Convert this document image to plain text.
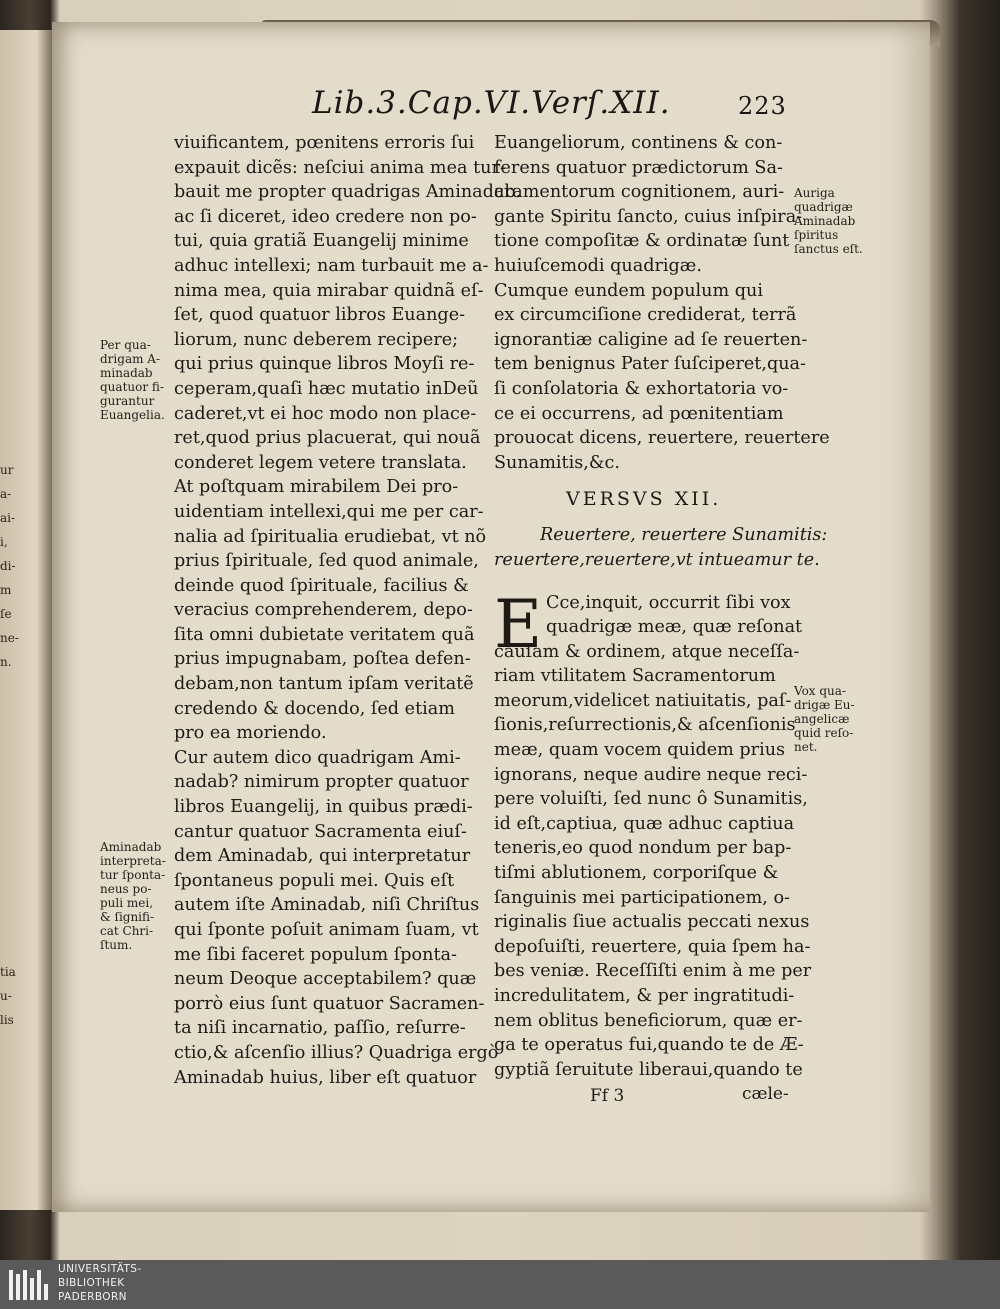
ur
a-
ai-
i,
di-
m
ſe
ne-
n.
tia
u-
lis
Lib.3.Cap.VI.Verſ.XII.	223
viuificantem, pœnitens erroris ſui
expauit dicẽs: neſciui anima mea tur-
bauit me propter quadrigas Aminadab.
ac ſi diceret, ideo credere non po-
tui, quia gratiã Euangelij minime
adhuc intellexi; nam turbauit me a-
nima mea, quia mirabar quidnã eſ-
ſet, quod quatuor libros Euange-
liorum, nunc deberem recipere;
qui prius quinque libros Moyſi re-
ceperam,quaſi hæc mutatio inDeũ
caderet,vt ei hoc modo non place-
ret,quod prius placuerat, qui nouã
conderet legem vetere translata.
At poſtquam mirabilem Dei pro-
uidentiam intellexi,qui me per car-
nalia ad ſpiritualia erudiebat, vt nõ
prius ſpirituale, ſed quod animale,
deinde quod ſpirituale, facilius &
veracius comprehenderem, depo-
ſita omni dubietate veritatem quã
prius impugnabam, poſtea defen-
debam,non tantum ipſam veritatẽ
credendo & docendo, ſed etiam
pro ea moriendo.
Cur autem dico quadrigam Ami-
nadab? nimirum propter quatuor
libros Euangelij, in quibus prædi-
cantur quatuor Sacramenta eiuſ-
dem Aminadab, qui interpretatur
ſpontaneus populi mei. Quis eſt
autem iſte Aminadab, niſi Chriſtus
qui ſponte poſuit animam ſuam, vt
me ſibi faceret populum ſponta-
neum Deoque acceptabilem? quæ
porrò eius ſunt quatuor Sacramen-
ta niſi incarnatio, paſſio, reſurre-
ctio,& aſcenſio illius? Quadriga ergò
Aminadab huius, liber eſt quatuor
Euangeliorum, continens & con-
ferens quatuor prædictorum Sa-
cramentorum cognitionem, auri-
gante Spiritu ſancto, cuius inſpira-
tione compoſitæ & ordinatæ ſunt
huiuſcemodi quadrigæ.
Cumque eundem populum qui
ex circumciſione crediderat, terrã
ignorantiæ caligine ad ſe reuerten-
tem benignus Pater ſuſciperet,qua-
ſi conſolatoria & exhortatoria vo-
ce ei occurrens, ad pœnitentiam
prouocat dicens, reuertere, reuertere
Sunamitis,&c.
Reuertere, reuertere Sunamitis:
reuertere,reuertere,vt intueamur te.
Cce,inquit, occurrit ſibi vox
quadrigæ meæ, quæ reſonat
cauſam & ordinem, atque neceſſa-
riam vtilitatem Sacramentorum
meorum,videlicet natiuitatis, paſ-
ſionis,reſurrectionis,& aſcenſionis
meæ, quam vocem quidem prius
ignorans, neque audire neque reci-
pere voluiſti, ſed nunc ô Sunamitis,
id eſt,captiua, quæ adhuc captiua
teneris,eo quod nondum per bap-
tiſmi ablutionem, corporiſque &
ſanguinis mei participationem, o-
riginalis ſiue actualis peccati nexus
depoſuiſti, reuertere, quia ſpem ha-
bes veniæ. Receſſiſti enim à me per
incredulitatem, & per ingratitudi-
nem oblitus beneficiorum, quæ er-
ga te operatus fui,quando te de Æ-
gyptiã ſeruitute liberaui,quando te
VERSVS XII.
Per qua-
drigam A-
minadab
quatuor fi-
gurantur
Euangelia.
Aminadab
interpreta-
tur ſponta-
neus po-
puli mei,
& ſignifi-
cat Chri-
ſtum.
Auriga
quadrigæ
Aminadab
ſpiritus
ſanctus eſt.
Vox qua-
drigæ Eu-
angelicæ
quid reſo-
net.
Ff 3	cæle-
UNIVERSITÄTS-
BIBLIOTHEK
PADERBORN
E
